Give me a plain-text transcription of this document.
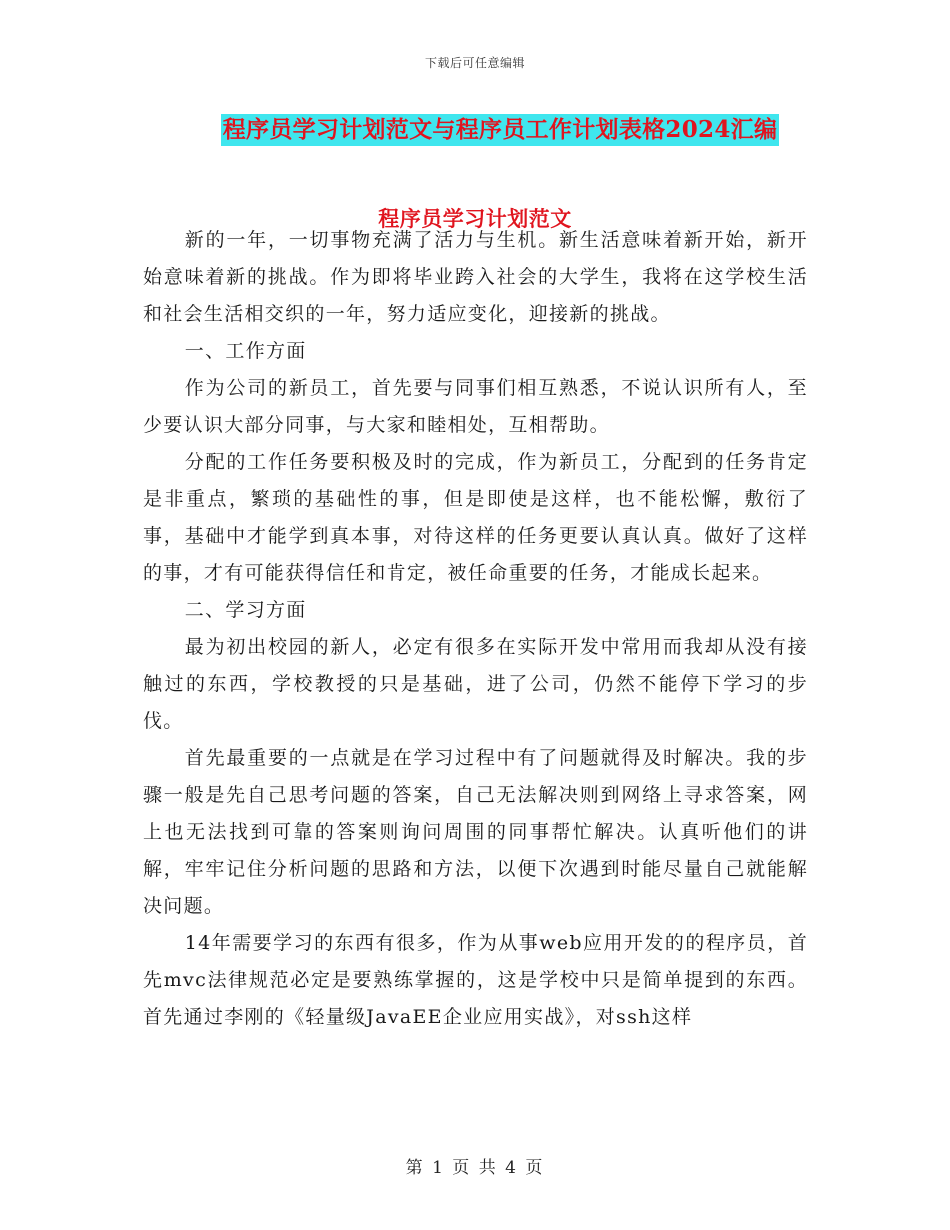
下载后可任意编辑
程序员学习计划范文与程序员工作计划表格2024汇编
程序员学习计划范文

新的一年，一切事物充满了活力与生机。新生活意味着新开始，新开始意味着新的挑战。作为即将毕业跨入社会的大学生，我将在这学校生活和社会生活相交织的一年，努力适应变化，迎接新的挑战。

一、工作方面

作为公司的新员工，首先要与同事们相互熟悉，不说认识所有人，至少要认识大部分同事，与大家和睦相处，互相帮助。

分配的工作任务要积极及时的完成，作为新员工，分配到的任务肯定是非重点，繁琐的基础性的事，但是即使是这样，也不能松懈，敷衍了事，基础中才能学到真本事，对待这样的任务更要认真认真。做好了这样的事，才有可能获得信任和肯定，被任命重要的任务，才能成长起来。

二、学习方面

最为初出校园的新人，必定有很多在实际开发中常用而我却从没有接触过的东西，学校教授的只是基础，进了公司，仍然不能停下学习的步伐。

首先最重要的一点就是在学习过程中有了问题就得及时解决。我的步骤一般是先自己思考问题的答案，自己无法解决则到网络上寻求答案，网上也无法找到可靠的答案则询问周围的同事帮忙解决。认真听他们的讲解，牢牢记住分析问题的思路和方法，以便下次遇到时能尽量自己就能解决问题。

14年需要学习的东西有很多，作为从事web应用开发的的程序员，首先mvc法律规范必定是要熟练掌握的，这是学校中只是简单提到的东西。首先通过李刚的《轻量级JavaEE企业应用实战》，对ssh这样

第 1 页 共 4 页
